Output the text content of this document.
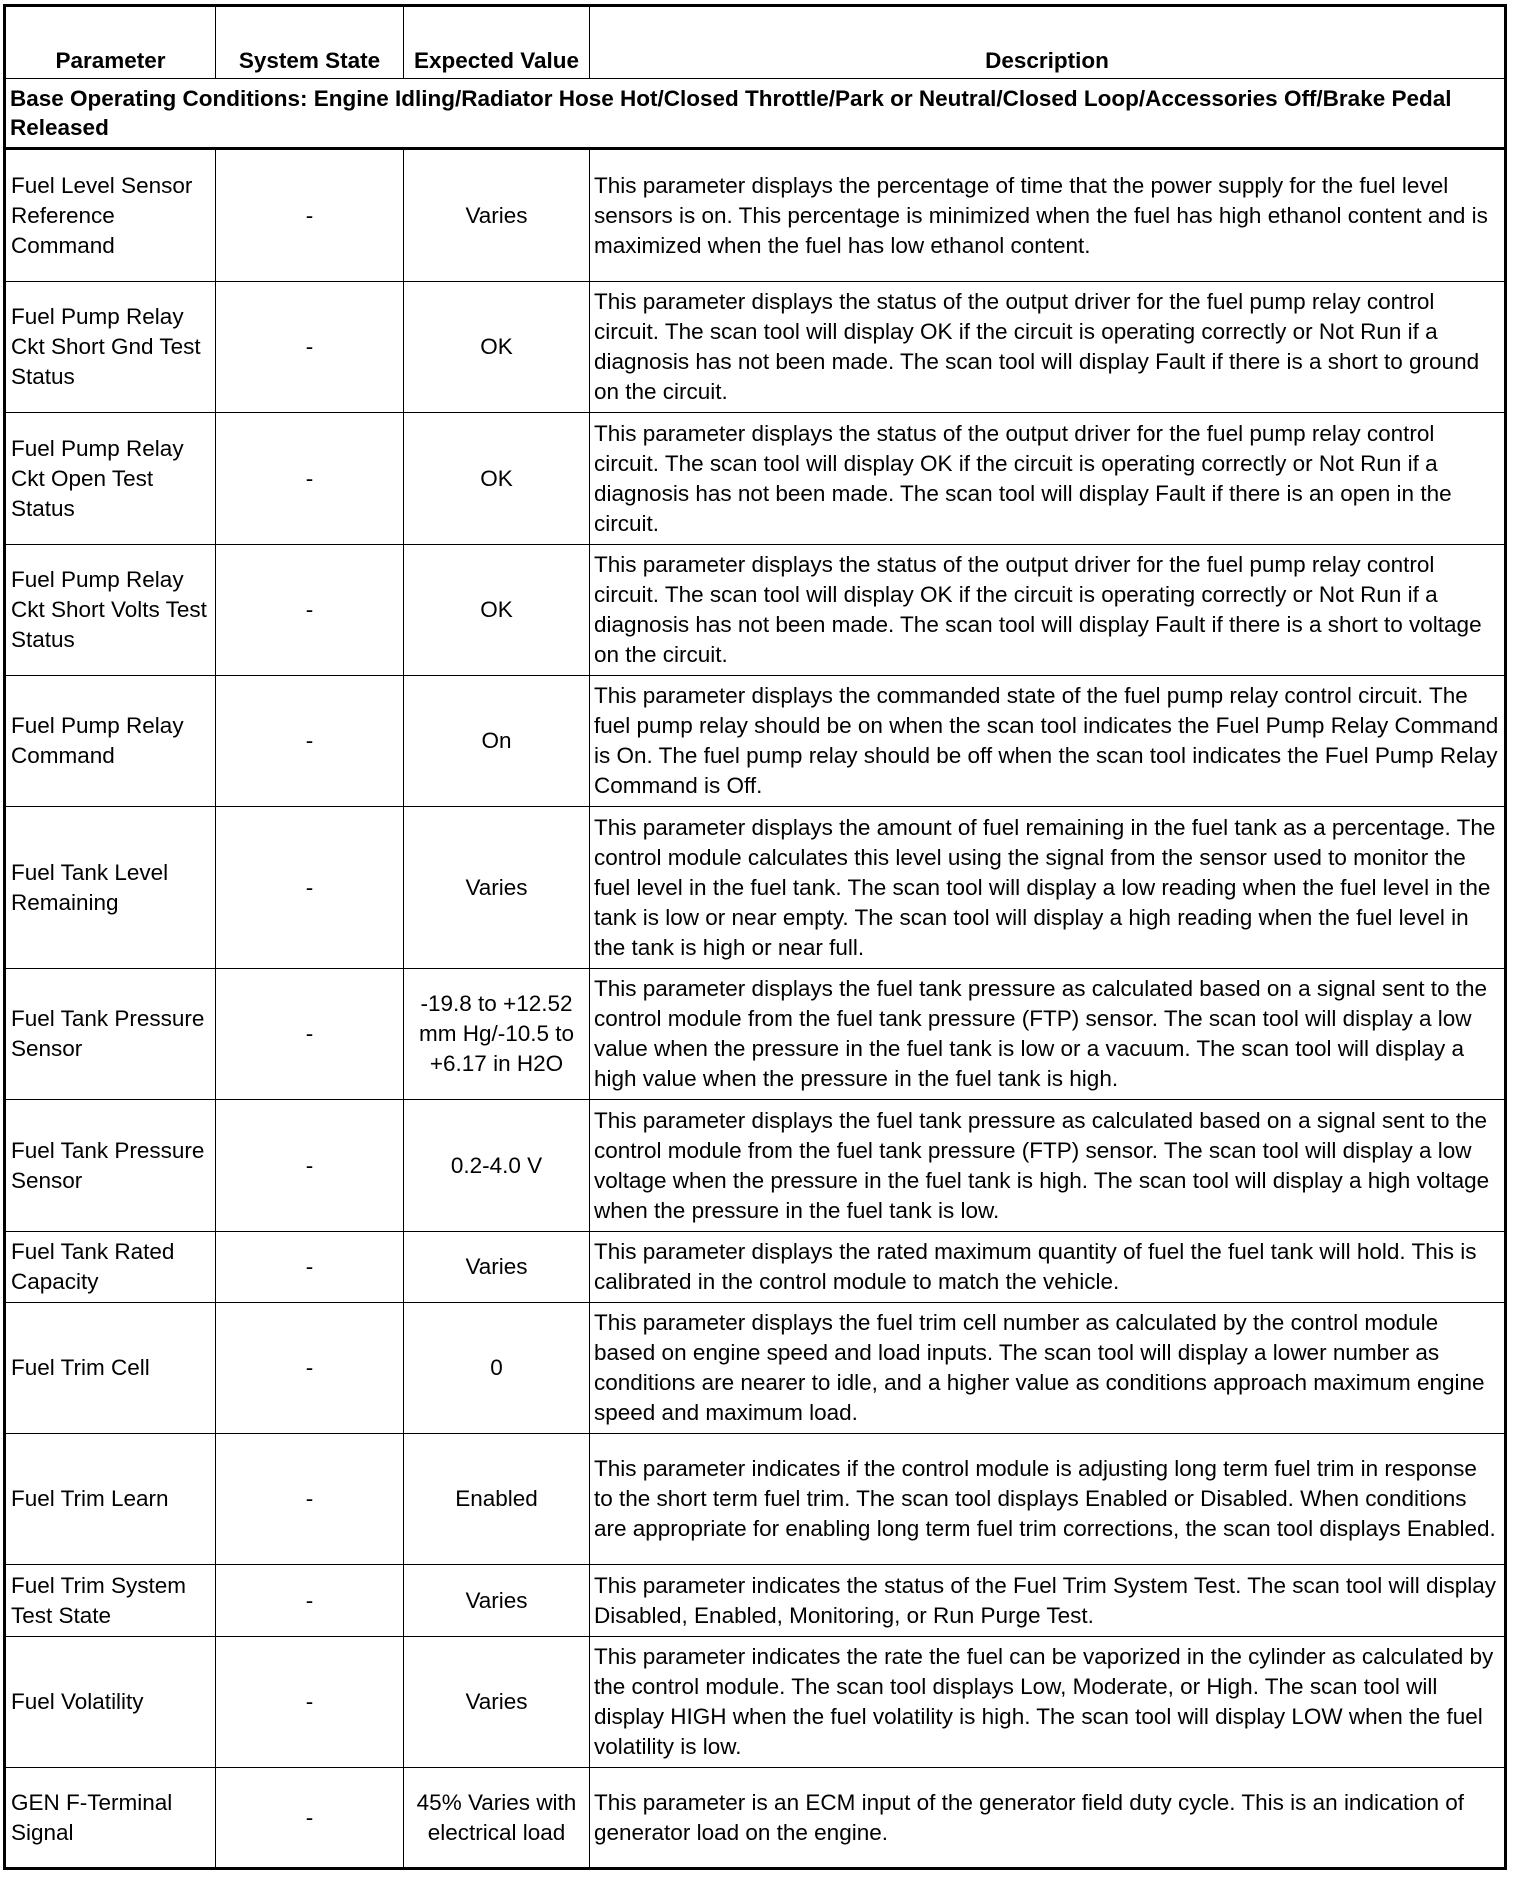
Parameter	System State	Expected Value	Description
Base Operating Conditions: Engine Idling/Radiator Hose Hot/Closed Throttle/Park or Neutral/Closed Loop/Accessories Off/Brake Pedal Released			
Fuel Level Sensor Reference Command	-	Varies	This parameter displays the percentage of time that the power supply for the fuel level sensors is on. This percentage is minimized when the fuel has high ethanol content and is maximized when the fuel has low ethanol content.
Fuel Pump Relay Ckt Short Gnd Test Status	-	OK	This parameter displays the status of the output driver for the fuel pump relay control circuit. The scan tool will display OK if the circuit is operating correctly or Not Run if a diagnosis has not been made. The scan tool will display Fault if there is a short to ground on the circuit.
Fuel Pump Relay Ckt Open Test Status	-	OK	This parameter displays the status of the output driver for the fuel pump relay control circuit. The scan tool will display OK if the circuit is operating correctly or Not Run if a diagnosis has not been made. The scan tool will display Fault if there is an open in the circuit.
Fuel Pump Relay Ckt Short Volts Test Status	-	OK	This parameter displays the status of the output driver for the fuel pump relay control circuit. The scan tool will display OK if the circuit is operating correctly or Not Run if a diagnosis has not been made. The scan tool will display Fault if there is a short to voltage on the circuit.
Fuel Pump Relay Command	-	On	This parameter displays the commanded state of the fuel pump relay control circuit. The fuel pump relay should be on when the scan tool indicates the Fuel Pump Relay Command is On. The fuel pump relay should be off when the scan tool indicates the Fuel Pump Relay Command is Off.
Fuel Tank Level Remaining	-	Varies	This parameter displays the amount of fuel remaining in the fuel tank as a percentage. The control module calculates this level using the signal from the sensor used to monitor the fuel level in the fuel tank. The scan tool will display a low reading when the fuel level in the tank is low or near empty. The scan tool will display a high reading when the fuel level in the tank is high or near full.
Fuel Tank Pressure Sensor	-	-19.8 to +12.52 mm Hg/-10.5 to +6.17 in H2O	This parameter displays the fuel tank pressure as calculated based on a signal sent to the control module from the fuel tank pressure (FTP) sensor. The scan tool will display a low value when the pressure in the fuel tank is low or a vacuum. The scan tool will display a high value when the pressure in the fuel tank is high.
Fuel Tank Pressure Sensor	-	0.2-4.0 V	This parameter displays the fuel tank pressure as calculated based on a signal sent to the control module from the fuel tank pressure (FTP) sensor. The scan tool will display a low voltage when the pressure in the fuel tank is high. The scan tool will display a high voltage when the pressure in the fuel tank is low.
Fuel Tank Rated Capacity	-	Varies	This parameter displays the rated maximum quantity of fuel the fuel tank will hold. This is calibrated in the control module to match the vehicle.
Fuel Trim Cell	-	0	This parameter displays the fuel trim cell number as calculated by the control module based on engine speed and load inputs. The scan tool will display a lower number as conditions are nearer to idle, and a higher value as conditions approach maximum engine speed and maximum load.
Fuel Trim Learn	-	Enabled	This parameter indicates if the control module is adjusting long term fuel trim in response to the short term fuel trim. The scan tool displays Enabled or Disabled. When conditions are appropriate for enabling long term fuel trim corrections, the scan tool displays Enabled.
Fuel Trim System Test State	-	Varies	This parameter indicates the status of the Fuel Trim System Test. The scan tool will display Disabled, Enabled, Monitoring, or Run Purge Test.
Fuel Volatility	-	Varies	This parameter indicates the rate the fuel can be vaporized in the cylinder as calculated by the control module. The scan tool displays Low, Moderate, or High. The scan tool will display HIGH when the fuel volatility is high. The scan tool will display LOW when the fuel volatility is low.
GEN F-Terminal Signal	-	45% Varies with electrical load	This parameter is an ECM input of the generator field duty cycle. This is an indication of generator load on the engine.
